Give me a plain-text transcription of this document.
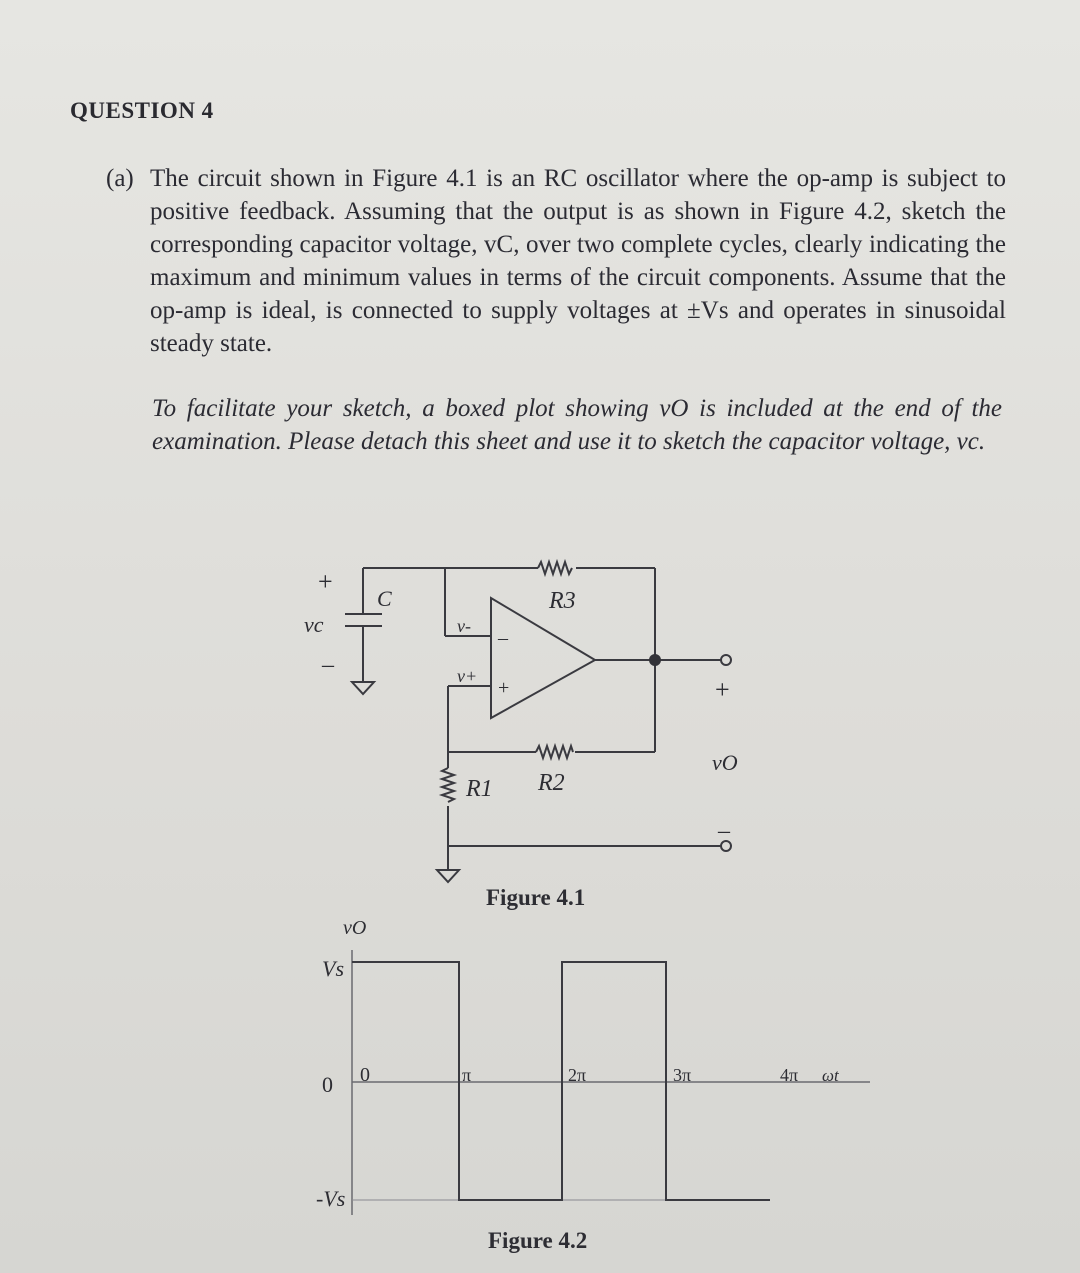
QUESTION 4
(a) The circuit shown in Figure 4.1 is an RC oscillator where the op-amp is subject to positive feedback. Assuming that the output is as shown in Figure 4.2, sketch the corresponding capacitor voltage, vC, over two complete cycles, clearly indicating the maximum and minimum values in terms of the circuit components. Assume that the op-amp is ideal, is connected to supply voltages at ±Vs and operates in sinusoidal steady state.
To facilitate your sketch, a boxed plot showing vO is included at the end of the examination. Please detach this sheet and use it to sketch the capacitor voltage, vc.
+
vc
–
C
v-
v+
–
+
R3
R2
R1
+
vO
–
Figure 4.1
vO
Vs
0
-Vs
0	π	2π	3π	4π ωt
Figure 4.2
